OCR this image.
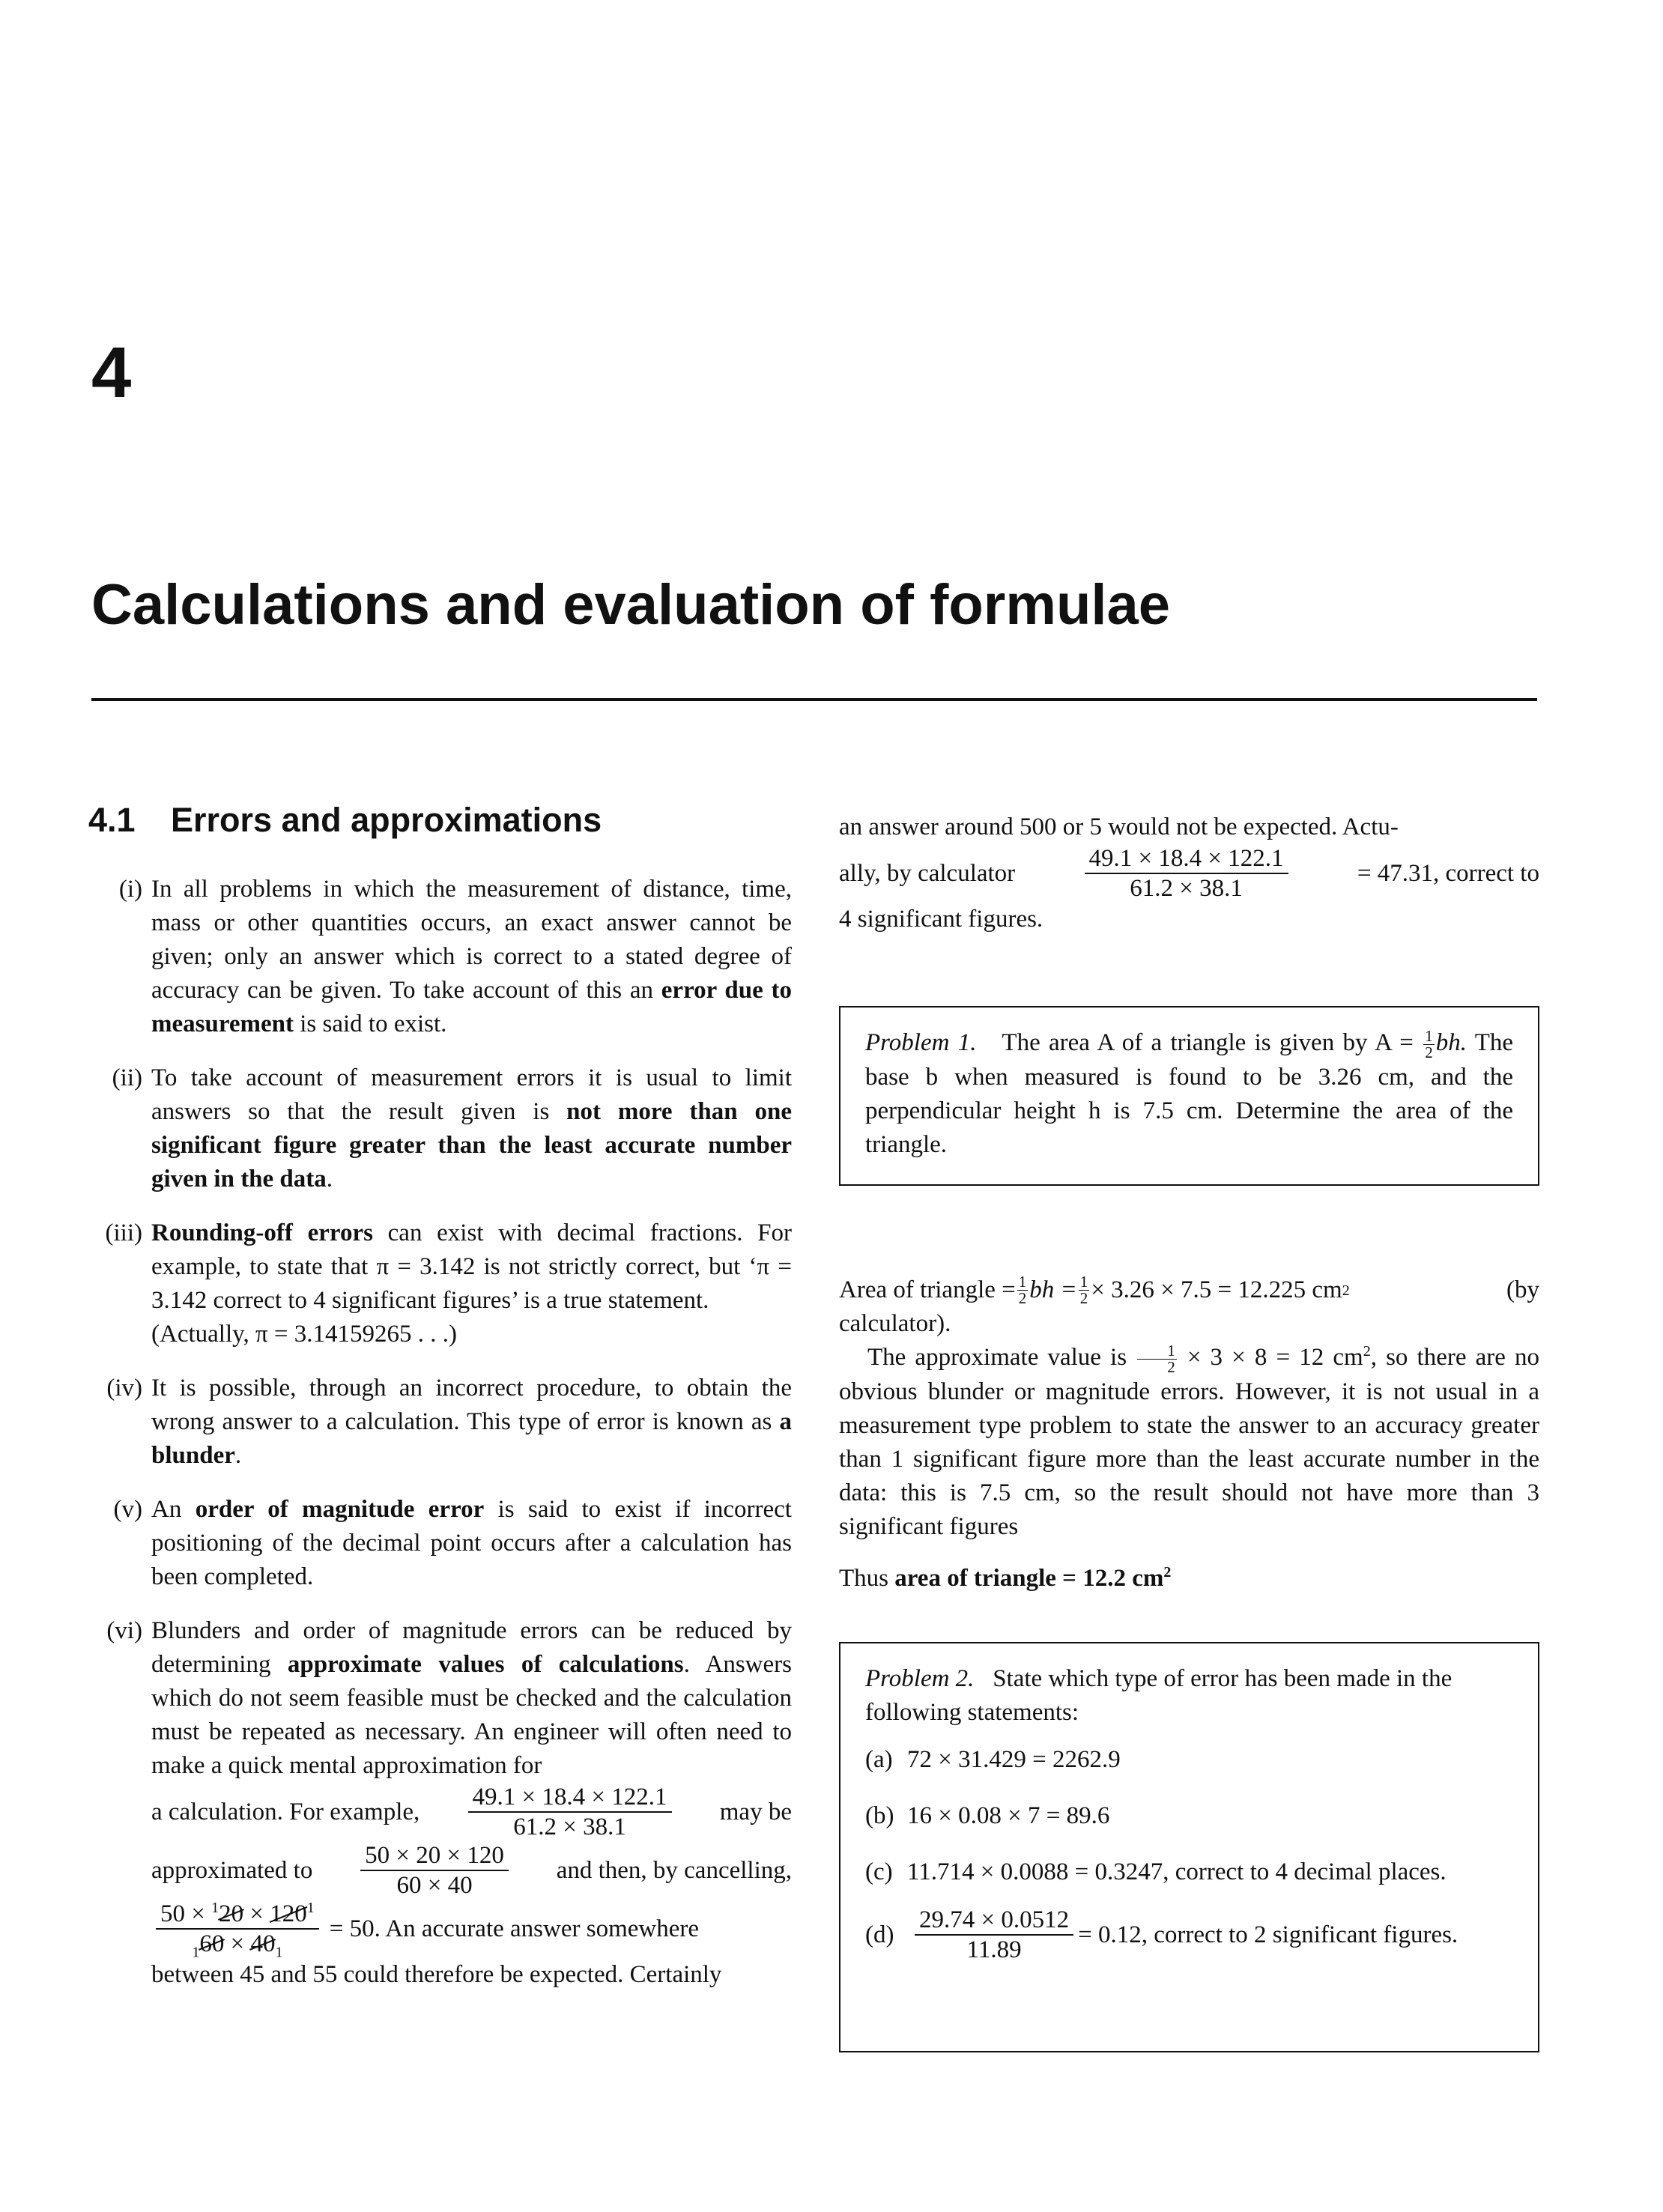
4
Calculations and evaluation of formulae
4.1 Errors and approximations
(i) In all problems in which the measurement of distance, time, mass or other quantities occurs, an exact answer cannot be given; only an answer which is correct to a stated degree of accuracy can be given. To take account of this an error due to measurement is said to exist.

(ii) To take account of measurement errors it is usual to limit answers so that the result given is not more than one significant figure greater than the least accurate number given in the data.

(iii) Rounding-off errors can exist with decimal fractions. For example, to state that π = 3.142 is not strictly correct, but ‘π = 3.142 correct to 4 significant figures’ is a true statement.

(Actually, π = 3.14159265 . . .)

(iv) It is possible, through an incorrect procedure, to obtain the wrong answer to a calculation. This type of error is known as a blunder.

(v) An order of magnitude error is said to exist if incorrect positioning of the decimal point occurs after a calculation has been completed.

(vi) Blunders and order of magnitude errors can be reduced by determining approximate values of calculations. Answers which do not seem feasible must be checked and the calculation must be repeated as necessary. An engineer will often need to make a quick mental approximation for

a calculation. For example, $\frac{49.1 \times 18.4 \times 122.1}{61.2 \times 38.1}$ may be
approximated to $\frac{50 \times 20 \times 120}{60 \times 40}$ and then, by cancelling,
$\frac{50 \times ^120 \times 120^1}{_160 \times 40_1} = 50$. An accurate answer somewhere

between 45 and 55 could therefore be expected. Certainly

an answer around 500 or 5 would not be expected. Actu-

ally, by calculator	$\frac{49.1 \times 18.4 \times 122.1}{61.2 \times 38.1}$	= 47.31, correct to

4 significant figures.

Problem 1. The area A of a triangle is given by $A = \frac{1}{2}$ bh. The base b when measured is found to be 3.26 cm, and the perpendicular height h is 7.5 cm. Determine the area of the triangle.

Area of triangle = $\frac{1}{2}$ bh = $\frac{1}{2} \times 3.26 \times 7.5 = 12.225$ cm 2	(by

calculator).

The approximate value is $\frac{1}{2} \times 3 \times 8 = 12$ $cm^2$, so there are no obvious blunder or magnitude errors. However, it is not usual in a measurement type problem to state the answer to an accuracy greater than 1 significant figure more than the least accurate number in the data: this is 7.5 cm, so the result should not have more than 3 significant figures

Thus area of triangle = 12.2 $cm^2$

Problem 2. State which type of error has been made in the following statements:
(a) 72 × 31.429 = 2262.9
(b) 16 × 0.08 × 7 = 89.6
(c) 11.714 × 0.0088 = 0.3247, correct to 4 decimal places.
$(d) \frac{29.74 \times 0.0512}{11.89} = 0.12$, correct to 2 significant figures.
